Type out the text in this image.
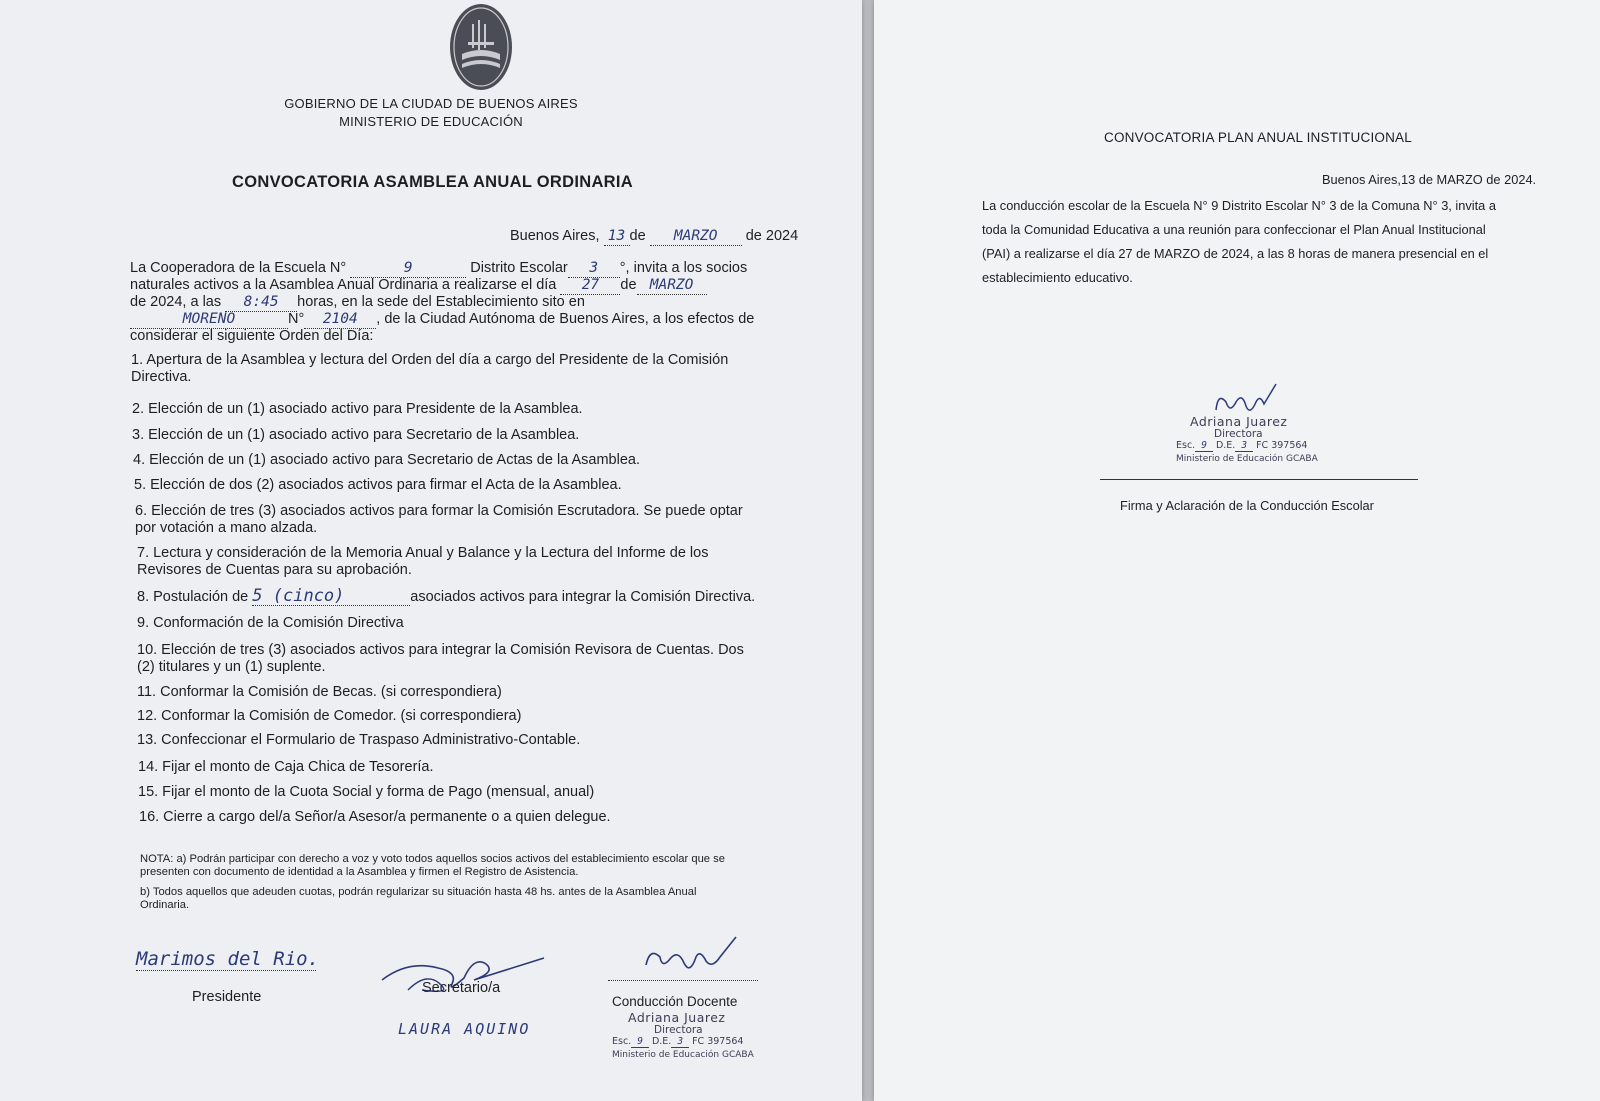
GOBIERNO DE LA CIUDAD DE BUENOS AIRES
MINISTERIO DE EDUCACIÓN
CONVOCATORIA ASAMBLEA ANUAL ORDINARIA
Buenos Aires, 13 de MARZO de 2024
La Cooperadora de la Escuela N°	9	Distrito Escolar 3 °, invita a los socios
naturales activos a la Asamblea Anual Ordinaria a realizarse el día 27 de MARZO
de 2024, a las 8:45 horas, en la sede del Establecimiento sito en
MORENO	N° 2104 , de la Ciudad Autónoma de Buenos Aires, a los efectos de
considerar el siguiente Orden del Día:
1. Apertura de la Asamblea y lectura del Orden del día a cargo del Presidente de la Comisión
Directiva.
2. Elección de un (1) asociado activo para Presidente de la Asamblea.
3. Elección de un (1) asociado activo para Secretario de la Asamblea.
4. Elección de un (1) asociado activo para Secretario de Actas de la Asamblea.
5. Elección de dos (2) asociados activos para firmar el Acta de la Asamblea.
6. Elección de tres (3) asociados activos para formar la Comisión Escrutadora. Se puede optar
por votación a mano alzada.
7. Lectura y consideración de la Memoria Anual y Balance y la Lectura del Informe de los
Revisores de Cuentas para su aprobación.
8. Postulación de 5 (cinco)	asociados activos para integrar la Comisión Directiva.
9. Conformación de la Comisión Directiva
10. Elección de tres (3) asociados activos para integrar la Comisión Revisora de Cuentas. Dos
(2) titulares y un (1) suplente.
11. Conformar la Comisión de Becas. (si correspondiera)
12. Conformar la Comisión de Comedor. (si correspondiera)
13. Confeccionar el Formulario de Traspaso Administrativo-Contable.
14. Fijar el monto de Caja Chica de Tesorería.
15. Fijar el monto de la Cuota Social y forma de Pago (mensual, anual)
16. Cierre a cargo del/a Señor/a Asesor/a permanente o a quien delegue.
NOTA: a) Podrán participar con derecho a voz y voto todos aquellos socios activos del establecimiento escolar que se
presenten con documento de identidad a la Asamblea y firmen el Registro de Asistencia.
b) Todos aquellos que adeuden cuotas, podrán regularizar su situación hasta 48 hs. antes de la Asamblea Anual
Ordinaria.
Marimos del Rio.
Presidente
Secretario/a
LAURA AQUINO
Conducción Docente
Adriana Juarez
Directora
Esc. 9 D.E. 3 FC 397564
Ministerio de Educación GCABA
CONVOCATORIA PLAN ANUAL INSTITUCIONAL
Buenos Aires,13 de MARZO de 2024.
La conducción escolar de la Escuela N° 9 Distrito Escolar N° 3 de la Comuna N° 3, invita a
toda la Comunidad Educativa a una reunión para confeccionar el Plan Anual Institucional
(PAI) a realizarse el día 27 de MARZO de 2024, a las 8 horas de manera presencial en el
establecimiento educativo.
Adriana Juarez
Directora
Esc. 9 D.E. 3 FC 397564
Ministerio de Educación GCABA
Firma y Aclaración de la Conducción Escolar
